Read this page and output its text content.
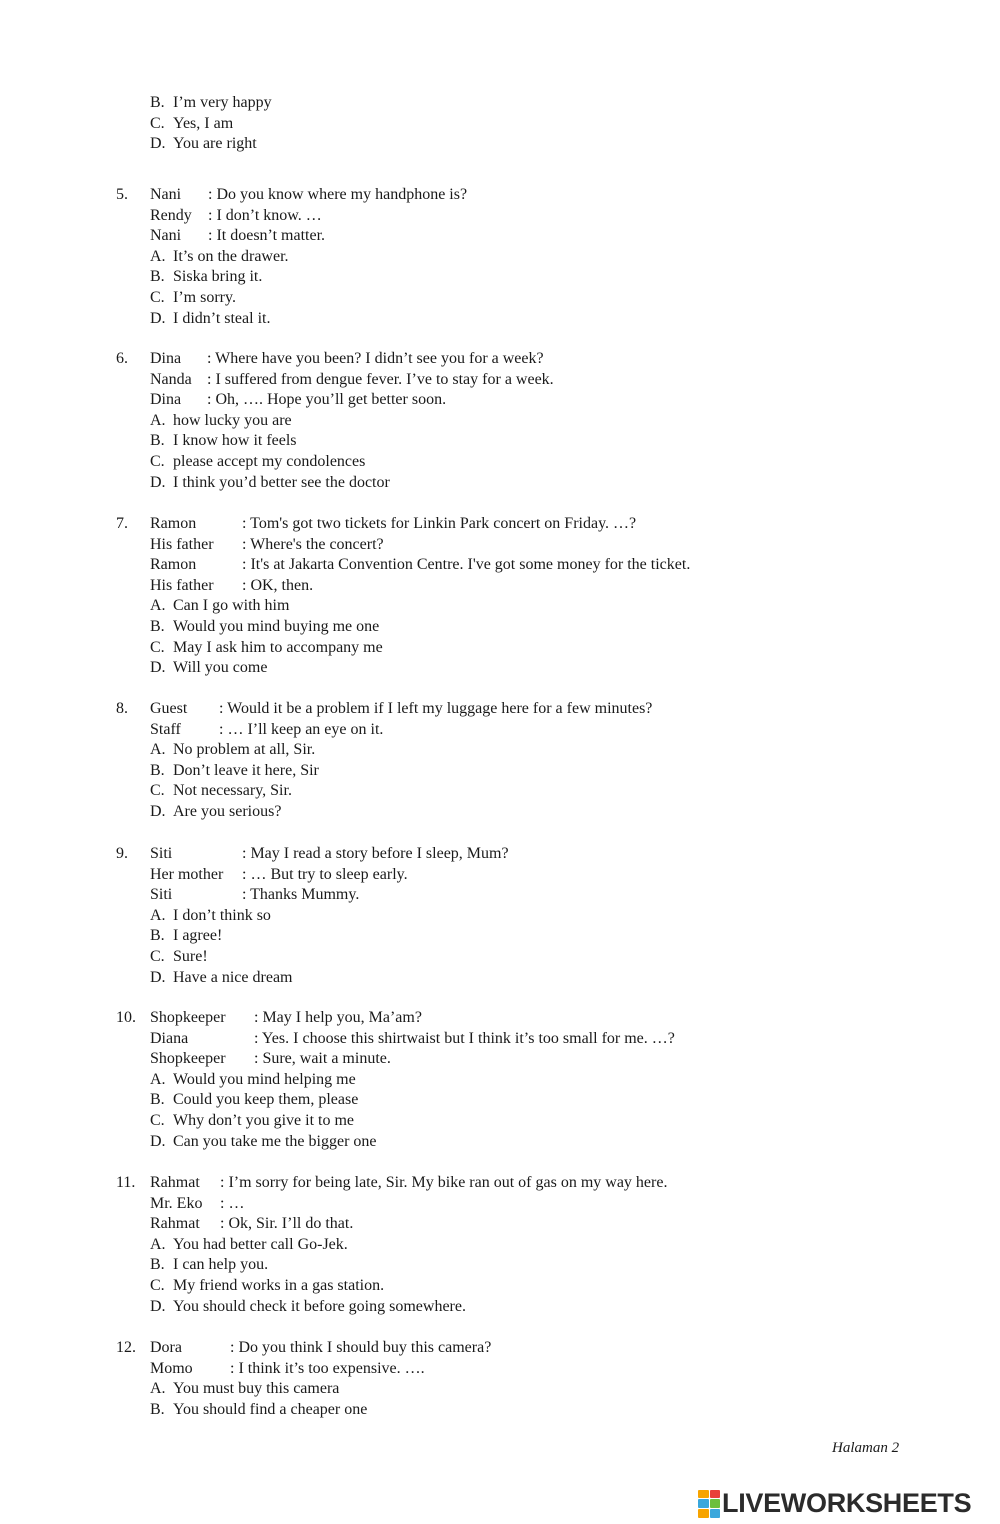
B. I’m very happy
C. Yes, I am
D. You are right
5. Nani : Do you know where my handphone is?
Rendy : I don’t know. …
Nani : It doesn’t matter.
A. It’s on the drawer.
B. Siska bring it.
C. I’m sorry.
D. I didn’t steal it.
6. Dina : Where have you been? I didn’t see you for a week?
Nanda : I suffered from dengue fever. I’ve to stay for a week.
Dina : Oh, …. Hope you’ll get better soon.
A. how lucky you are
B. I know how it feels
C. please accept my condolences
D. I think you’d better see the doctor
7. Ramon	: Tom's got two tickets for Linkin Park concert on Friday. …?
His father : Where's the concert?
Ramon	: It's at Jakarta Convention Centre. I've got some money for the ticket.
His father : OK, then.
A. Can I go with him
B. Would you mind buying me one
C. May I ask him to accompany me
D. Will you come
8. Guest : Would it be a problem if I left my luggage here for a few minutes?
Staff : … I’ll keep an eye on it.
A. No problem at all, Sir.
B. Don’t leave it here, Sir
C. Not necessary, Sir.
D. Are you serious?
9. Siti	: May I read a story before I sleep, Mum?
Her mother : … But try to sleep early.
Siti	: Thanks Mummy.
A. I don’t think so
B. I agree!
C. Sure!
D. Have a nice dream
10. Shopkeeper : May I help you, Ma’am?
Diana	: Yes. I choose this shirtwaist but I think it’s too small for me. …?
Shopkeeper : Sure, wait a minute.
A. Would you mind helping me
B. Could you keep them, please
C. Why don’t you give it to me
D. Can you take me the bigger one
11. Rahmat : I’m sorry for being late, Sir. My bike ran out of gas on my way here.
Mr. Eko : …
Rahmat : Ok, Sir. I’ll do that.
A. You had better call Go-Jek.
B. I can help you.
C. My friend works in a gas station.
D. You should check it before going somewhere.
12. Dora	: Do you think I should buy this camera?
Momo : I think it’s too expensive. ….
A. You must buy this camera
B. You should find a cheaper one
Halaman 2
LIVEWORKSHEETS
